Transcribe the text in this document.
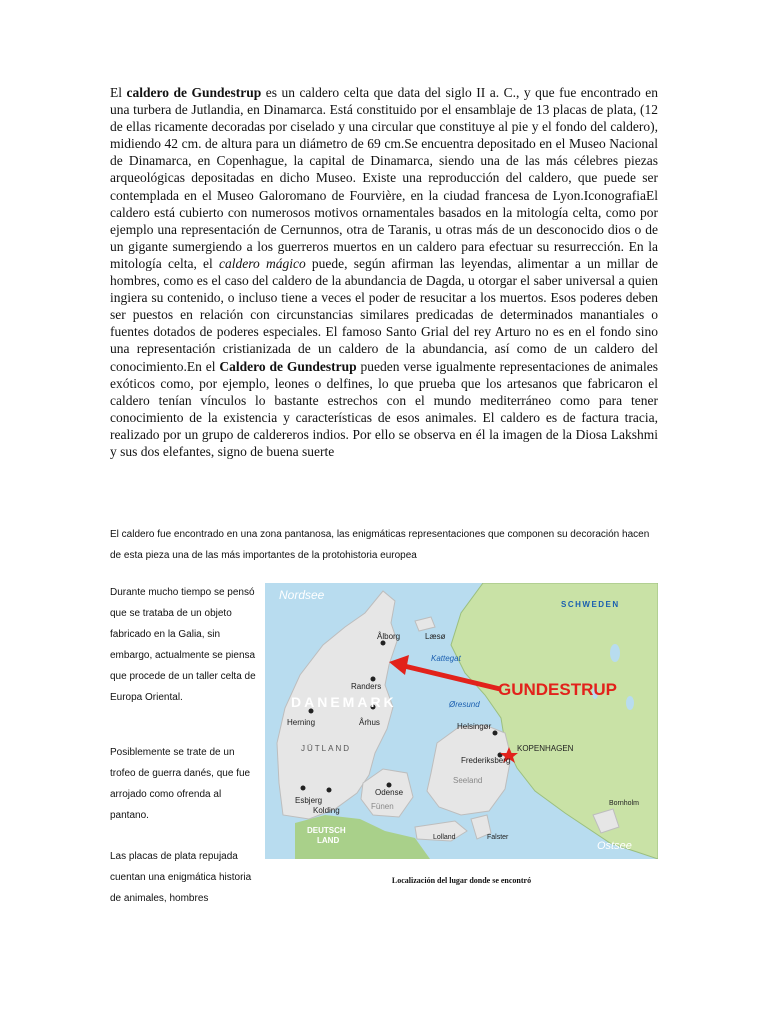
El caldero de Gundestrup es un caldero celta que data del siglo II a. C., y que fue encontrado en una turbera de Jutlandia, en Dinamarca. Está constituido por el ensamblaje de 13 placas de plata, (12 de ellas ricamente decoradas por ciselado y una circular que constituye al pie y el fondo del caldero), midiendo 42 cm. de altura para un diámetro de 69 cm.Se encuentra depositado en el Museo Nacional de Dinamarca, en Copenhague, la capital de Dinamarca, siendo una de las más célebres piezas arqueológicas depositadas en dicho Museo. Existe una reproducción del caldero, que puede ser contemplada en el Museo Galoromano de Fourvière, en la ciudad francesa de Lyon.IconografiaEl caldero está cubierto con numerosos motivos ornamentales basados en la mitología celta, como por ejemplo una representación de Cernunnos, otra de Taranis, u otras más de un desconocido dios o de un gigante sumergiendo a los guerreros muertos en un caldero para efectuar su resurrección. En la mitología celta, el caldero mágico puede, según afirman las leyendas, alimentar a un millar de hombres, como es el caso del caldero de la abundancia de Dagda, u otorgar el saber universal a quien ingiera su contenido, o incluso tiene a veces el poder de resucitar a los muertos. Esos poderes deben ser puestos en relación con circunstancias similares predicadas de determinados manantiales o fuentes dotados de poderes especiales. El famoso Santo Grial del rey Arturo no es en el fondo sino una representación cristianizada de un caldero de la abundancia, así como de un caldero del conocimiento.En el Caldero de Gundestrup pueden verse igualmente representaciones de animales exóticos como, por ejemplo, leones o delfines, lo que prueba que los artesanos que fabricaron el caldero tenían vínculos lo bastante estrechos con el mundo mediterráneo como para tener conocimiento de la existencia y características de esos animales. El caldero es de factura tracia, realizado por un grupo de caldereros indios. Por ello se observa en él la imagen de la Diosa Lakshmi y sus dos elefantes, signo de buena suerte

El caldero fue encontrado en una zona pantanosa, las enigmáticas representaciones que componen su decoración hacen de esta pieza una de las más importantes de la protohistoria europea

Durante mucho tiempo se pensó que se trataba de un objeto fabricado en la Galia, sin embargo, actualmente se piensa que procede de un taller celta de Europa Oriental.

Posiblemente se trate de un trofeo de guerra danés, que fue arrojado como ofrenda al pantano.

Las placas de plata repujada cuentan una enigmática historia de animales, hombres

Nordsee
SCHWEDEN
DANEMARK
JÜTLAND
Kattegat
Øresund
Ostsee
DEUTSCH
LAND
GUNDESTRUP
Ålborg	Læsø
Randers
Herning	Århus	Helsingør
KOPENHAGEN
Frederiksberg
Esbjerg
Kolding
Odense
Fünen
Seeland
Bornholm
Lolland	Falster
Localización del lugar donde se encontró
